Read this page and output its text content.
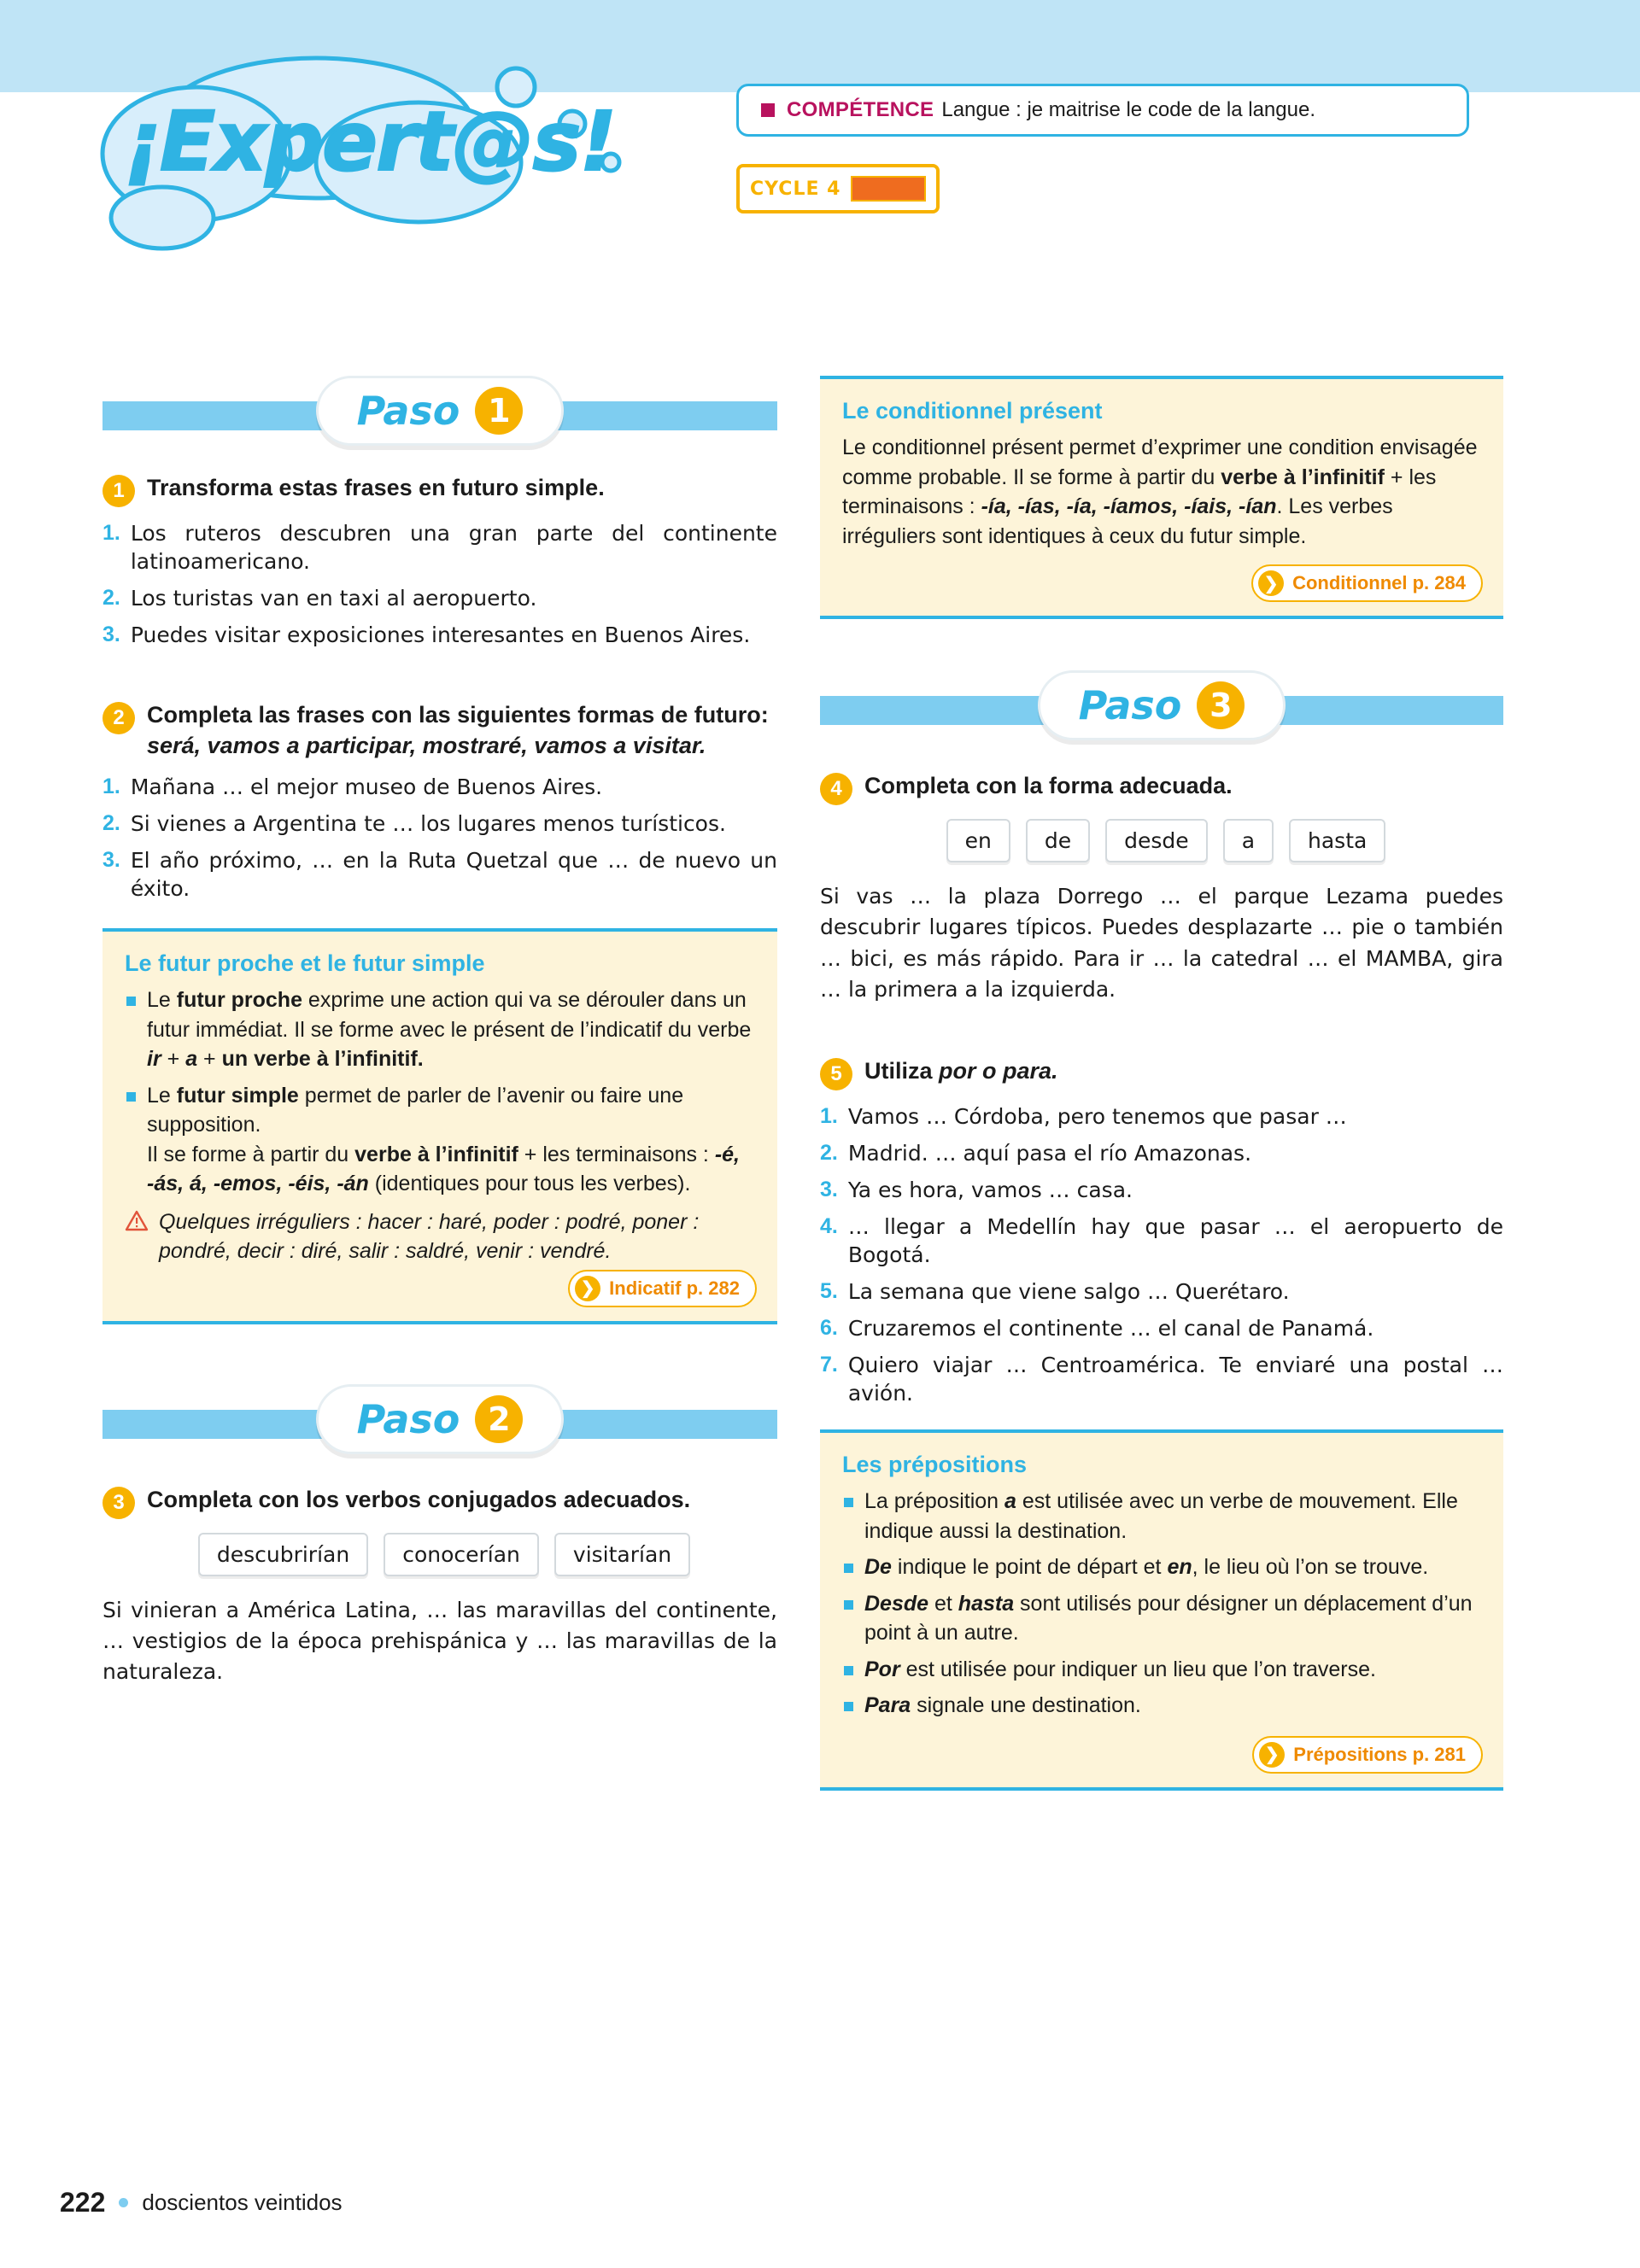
¡Expert@s!	COMPÉTENCE Langue : je maitrise le code de la langue.
CYCLE 4
Paso 1
1 Transforma estas frases en futuro simple.
1. Los ruteros descubren una gran parte del continente latinoamericano.
2. Los turistas van en taxi al aeropuerto.
3. Puedes visitar exposiciones interesantes en Buenos Aires.
2 Completa las frases con las siguientes formas de futuro: será, vamos a participar, mostraré, vamos a visitar.
1. Mañana … el mejor museo de Buenos Aires.
2. Si vienes a Argentina te … los lugares menos turísticos.
3. El año próximo, … en la Ruta Quetzal que … de nuevo un éxito.
Le futur proche et le futur simple
Le futur proche exprime une action qui va se dérouler dans un futur immédiat. Il se forme avec le présent de l’indicatif du verbe ir + a + un verbe à l’infinitif.
Le futur simple permet de parler de l’avenir ou faire une supposition.
Il se forme à partir du verbe à l’infinitif + les terminaisons : -é, -ás, á, -emos, -éis, -án (identiques pour tous les verbes).
Quelques irréguliers : hacer : haré, poder : podré, poner : pondré, decir : diré, salir : saldré, venir : vendré.
❯ Indicatif p. 282
Paso 2
3 Completa con los verbos conjugados adecuados.
descubrirían	conocerían	visitarían

Si vinieran a América Latina, … las maravillas del continente, … vestigios de la época prehispánica y … las maravillas de la naturaleza.

Le conditionnel présent

Le conditionnel présent permet d’exprimer une condition envisagée comme probable. Il se forme à partir du verbe à l’infinitif + les terminaisons : -ía, -ías, -ía, -íamos, -íais, -ían. Les verbes irréguliers sont identiques à ceux du futur simple.

❯ Conditionnel p. 284
Paso 3
4 Completa con la forma adecuada.
en	de	desde	a	hasta

Si vas … la plaza Dorrego … el parque Lezama puedes descubrir lugares típicos. Puedes desplazarte … pie o también … bici, es más rápido. Para ir … la catedral … el MAMBA, gira … la primera a la izquierda.

5 Utiliza por o para.
1. Vamos … Córdoba, pero tenemos que pasar …
2. Madrid. … aquí pasa el río Amazonas.
3. Ya es hora, vamos … casa.
4. … llegar a Medellín hay que pasar … el aeropuerto de Bogotá.
5. La semana que viene salgo … Querétaro.
6. Cruzaremos el continente … el canal de Panamá.
7. Quiero viajar … Centroamérica. Te enviaré una postal … avión.
Les prépositions
La préposition a est utilisée avec un verbe de mouvement. Elle indique aussi la destination.
De indique le point de départ et en, le lieu où l’on se trouve.
Desde et hasta sont utilisés pour désigner un déplacement d’un point à un autre.
Por est utilisée pour indiquer un lieu que l’on traverse.
Para signale une destination.
❯ Prépositions p. 281
222 doscientos veintidos
